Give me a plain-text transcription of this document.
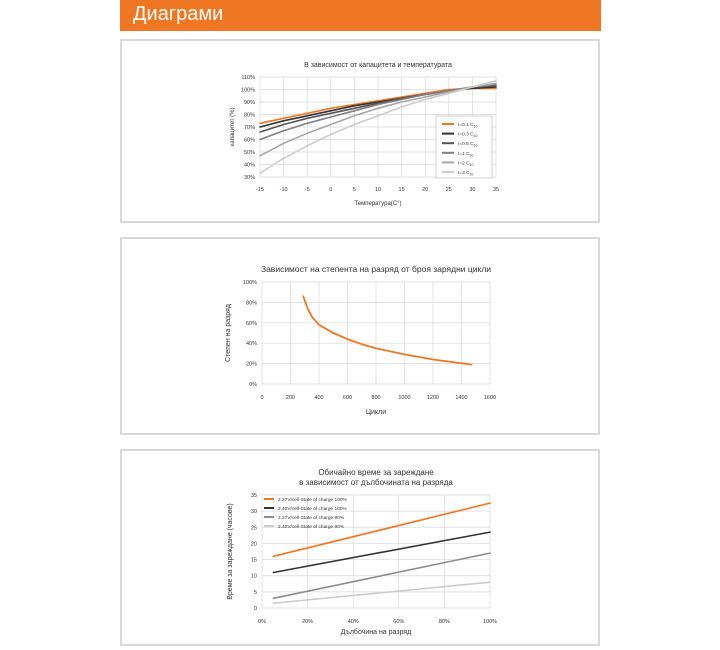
Диаграми
В зависимост от капацитета и температурата
-15	-10	-5	0	5	10	15	20	25	30	35
30%
40%
50%
60%
70%
80%
90%
100%
110%
Температура(C°)
капацитет (%)	I=0.1 $C_{10}$
I=0.3 $C_{10}$
I=0.5 $C_{10}$
I=1 $C_{10}$
I=2 $C_{10}$
I=3 $C_{10}$
Зависимост на степента на разряд от броя зарядни цикли
0	200	400	600	800	1000	1200	1400	1600
0%
20%
40%
60%
80%
100%
Цикли
Степен на разряд
Обичайно време за зареждане
в зависимост от дълбочината на разряда
0%	20%	40%	60%	80%	100%
0
5
10
15
20
25
30
35
Дълбочина на разряд
Време за зареждане (часове)
2.27V/cell-State of charge 100%
2.40V/cell-State of charge 100%
2.27V/cell-State of charge 90%
2.40V/cell-State of charge 90%
